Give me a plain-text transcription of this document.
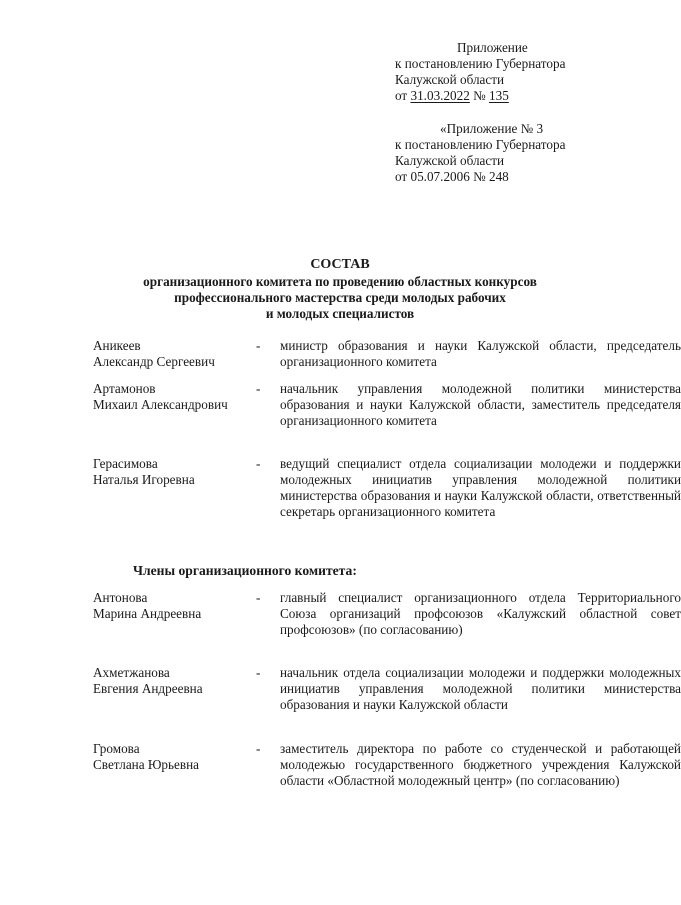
Приложение
к постановлению Губернатора
Калужской области
от 31.03.2022 № 135
«Приложение № 3
к постановлению Губернатора
Калужской области
от 05.07.2006 № 248
СОСТАВ
организационного комитета по проведению областных конкурсов
профессионального мастерства среди молодых рабочих
и молодых специалистов
Аникеев
Александр Сергеевич
- министр образования и науки Калужской области, председатель организационного комитета
Артамонов
Михаил Александрович
- начальник управления молодежной политики министерства образования и науки Калужской области, заместитель председателя организационного комитета
Герасимова
Наталья Игоревна
- ведущий специалист отдела социализации молодежи и поддержки молодежных инициатив управления молодежной политики министерства образования и науки Калужской области, ответственный секретарь организационного комитета
Члены организационного комитета:
Антонова
Марина Андреевна
- главный специалист организационного отдела Территориального Союза организаций профсоюзов «Калужский областной совет профсоюзов» (по согласованию)
Ахметжанова
Евгения Андреевна
- начальник отдела социализации молодежи и поддержки молодежных инициатив управления молодежной политики министерства образования и науки Калужской области
Громова
Светлана Юрьевна
- заместитель директора по работе со студенческой и работающей молодежью государственного бюджетного учреждения Калужской области «Областной молодежный центр» (по согласованию)
